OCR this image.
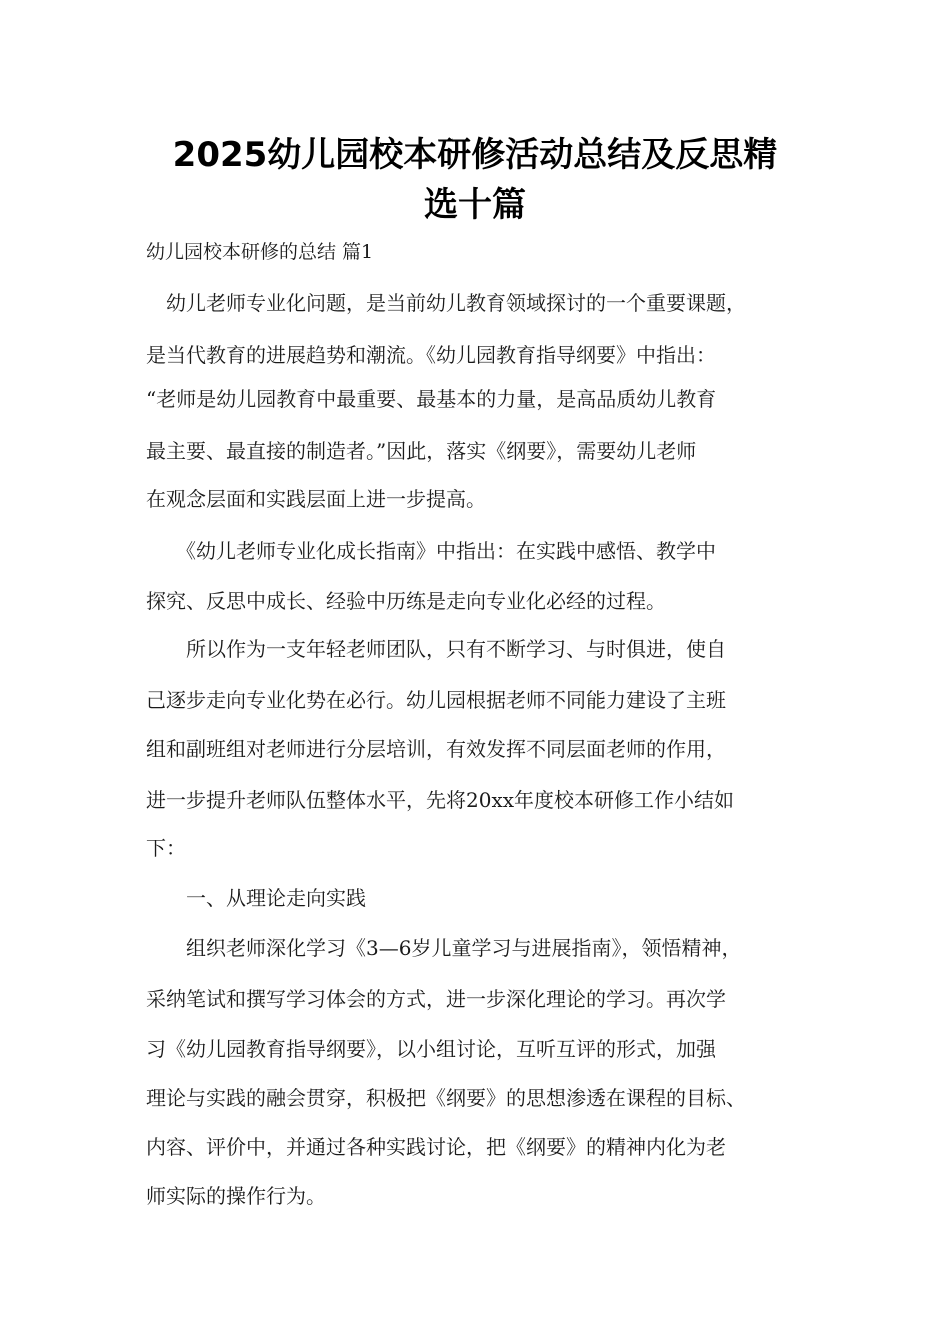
2025幼儿园校本研修活动总结及反思精
选十篇

幼儿园校本研修的总结 篇1

　幼儿老师专业化问题，是当前幼儿教育领域探讨的一个重要课题，

是当代教育的进展趋势和潮流。《幼儿园教育指导纲要》中指出：

“老师是幼儿园教育中最重要、最基本的力量，是高品质幼儿教育

最主要、最直接的制造者。”因此，落实《纲要》，需要幼儿老师

在观念层面和实践层面上进一步提高。

　　《幼儿老师专业化成长指南》中指出：在实践中感悟、教学中

探究、反思中成长、经验中历练是走向专业化必经的过程。

　　所以作为一支年轻老师团队，只有不断学习、与时俱进，使自

己逐步走向专业化势在必行。幼儿园根据老师不同能力建设了主班

组和副班组对老师进行分层培训，有效发挥不同层面老师的作用，

进一步提升老师队伍整体水平，先将20xx年度校本研修工作小结如

下：

　　一、从理论走向实践

　　组织老师深化学习《3—6岁儿童学习与进展指南》，领悟精神，

采纳笔试和撰写学习体会的方式，进一步深化理论的学习。再次学

习《幼儿园教育指导纲要》，以小组讨论，互听互评的形式，加强

理论与实践的融会贯穿，积极把《纲要》的思想渗透在课程的目标、

内容、评价中，并通过各种实践讨论，把《纲要》的精神内化为老

师实际的操作行为。
